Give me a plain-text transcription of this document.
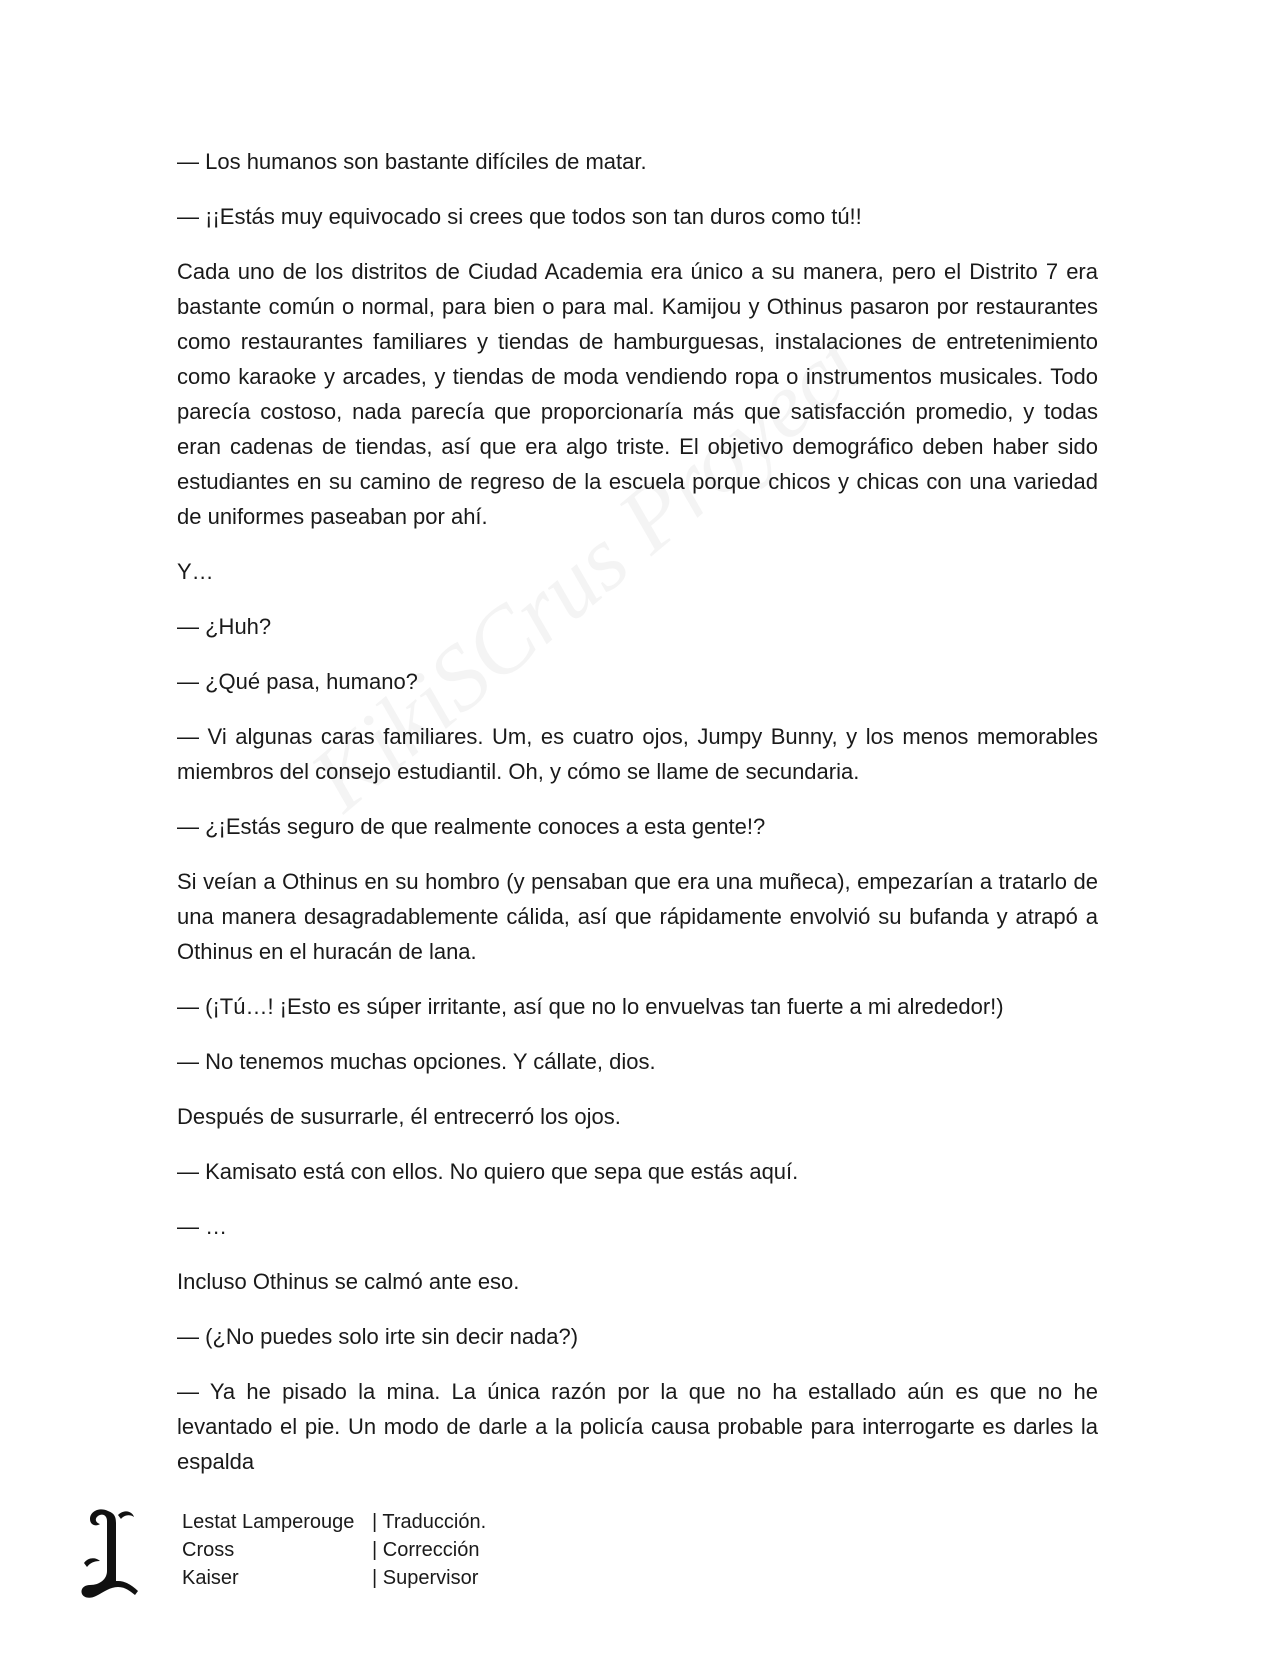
— Los humanos son bastante difíciles de matar.

— ¡¡Estás muy equivocado si crees que todos son tan duros como tú!!

Cada uno de los distritos de Ciudad Academia era único a su manera, pero el Distrito 7 era bastante común o normal, para bien o para mal. Kamijou y Othinus pasaron por restaurantes como restaurantes familiares y tiendas de hamburguesas, instalaciones de entretenimiento como karaoke y arcades, y tiendas de moda vendiendo ropa o instrumentos musicales. Todo parecía costoso, nada parecía que proporcionaría más que satisfacción promedio, y todas eran cadenas de tiendas, así que era algo triste. El objetivo demográfico deben haber sido estudiantes en su camino de regreso de la escuela porque chicos y chicas con una variedad de uniformes paseaban por ahí.

Y…

— ¿Huh?

— ¿Qué pasa, humano?

— Vi algunas caras familiares. Um, es cuatro ojos, Jumpy Bunny, y los menos memorables miembros del consejo estudiantil. Oh, y cómo se llame de secundaria.

— ¿¡Estás seguro de que realmente conoces a esta gente!?

Si veían a Othinus en su hombro (y pensaban que era una muñeca), empezarían a tratarlo de una manera desagradablemente cálida, así que rápidamente envolvió su bufanda y atrapó a Othinus en el huracán de lana.

— (¡Tú…! ¡Esto es súper irritante, así que no lo envuelvas tan fuerte a mi alrededor!)

— No tenemos muchas opciones. Y cállate, dios.

Después de susurrarle, él entrecerró los ojos.

— Kamisato está con ellos. No quiero que sepa que estás aquí.

— …

Incluso Othinus se calmó ante eso.

— (¿No puedes solo irte sin decir nada?)

— Ya he pisado la mina. La única razón por la que no ha estallado aún es que no he levantado el pie. Un modo de darle a la policía causa probable para interrogarte es darles la espalda

Lestat Lamperouge | Traducción.
Cross	| Corrección
Kaiser	| Supervisor
